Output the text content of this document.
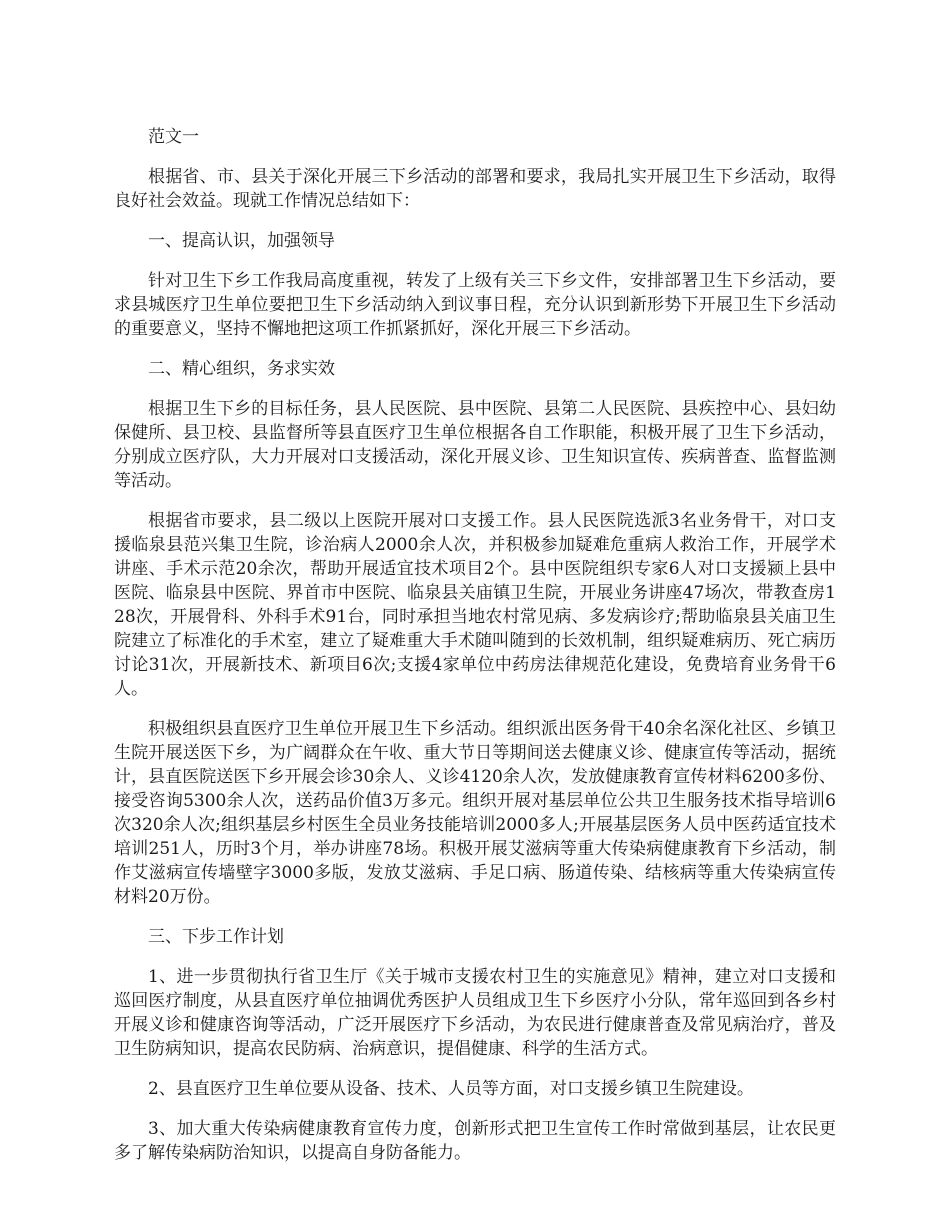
范文一

根据省、市、县关于深化开展三下乡活动的部署和要求，我局扎实开展卫生下乡活动，取得良好社会效益。现就工作情况总结如下：

一、提高认识，加强领导

针对卫生下乡工作我局高度重视，转发了上级有关三下乡文件，安排部署卫生下乡活动，要求县城医疗卫生单位要把卫生下乡活动纳入到议事日程，充分认识到新形势下开展卫生下乡活动的重要意义，坚持不懈地把这项工作抓紧抓好，深化开展三下乡活动。

二、精心组织，务求实效

根据卫生下乡的目标任务，县人民医院、县中医院、县第二人民医院、县疾控中心、县妇幼保健所、县卫校、县监督所等县直医疗卫生单位根据各自工作职能，积极开展了卫生下乡活动，分别成立医疗队，大力开展对口支援活动，深化开展义诊、卫生知识宣传、疾病普查、监督监测等活动。

根据省市要求，县二级以上医院开展对口支援工作。县人民医院选派3名业务骨干，对口支援临泉县范兴集卫生院，诊治病人2000余人次，并积极参加疑难危重病人救治工作，开展学术讲座、手术示范20余次，帮助开展适宜技术项目2个。县中医院组织专家6人对口支援颍上县中医院、临泉县中医院、界首市中医院、临泉县关庙镇卫生院，开展业务讲座47场次，带教查房128次，开展骨科、外科手术91台，同时承担当地农村常见病、多发病诊疗;帮助临泉县关庙卫生院建立了标准化的手术室，建立了疑难重大手术随叫随到的长效机制，组织疑难病历、死亡病历讨论31次，开展新技术、新项目6次;支援4家单位中药房法律规范化建设，免费培育业务骨干6人。

积极组织县直医疗卫生单位开展卫生下乡活动。组织派出医务骨干40余名深化社区、乡镇卫生院开展送医下乡，为广阔群众在午收、重大节日等期间送去健康义诊、健康宣传等活动，据统计，县直医院送医下乡开展会诊30余人、义诊4120余人次，发放健康教育宣传材料6200多份、接受咨询5300余人次，送药品价值3万多元。组织开展对基层单位公共卫生服务技术指导培训6次320余人次;组织基层乡村医生全员业务技能培训2000多人;开展基层医务人员中医药适宜技术培训251人，历时3个月，举办讲座78场。积极开展艾滋病等重大传染病健康教育下乡活动，制作艾滋病宣传墙壁字3000多版，发放艾滋病、手足口病、肠道传染、结核病等重大传染病宣传材料20万份。

三、下步工作计划

1、进一步贯彻执行省卫生厅《关于城市支援农村卫生的实施意见》精神，建立对口支援和巡回医疗制度，从县直医疗单位抽调优秀医护人员组成卫生下乡医疗小分队，常年巡回到各乡村开展义诊和健康咨询等活动，广泛开展医疗下乡活动，为农民进行健康普查及常见病治疗，普及卫生防病知识，提高农民防病、治病意识，提倡健康、科学的生活方式。

2、县直医疗卫生单位要从设备、技术、人员等方面，对口支援乡镇卫生院建设。

3、加大重大传染病健康教育宣传力度，创新形式把卫生宣传工作时常做到基层，让农民更多了解传染病防治知识，以提高自身防备能力。
